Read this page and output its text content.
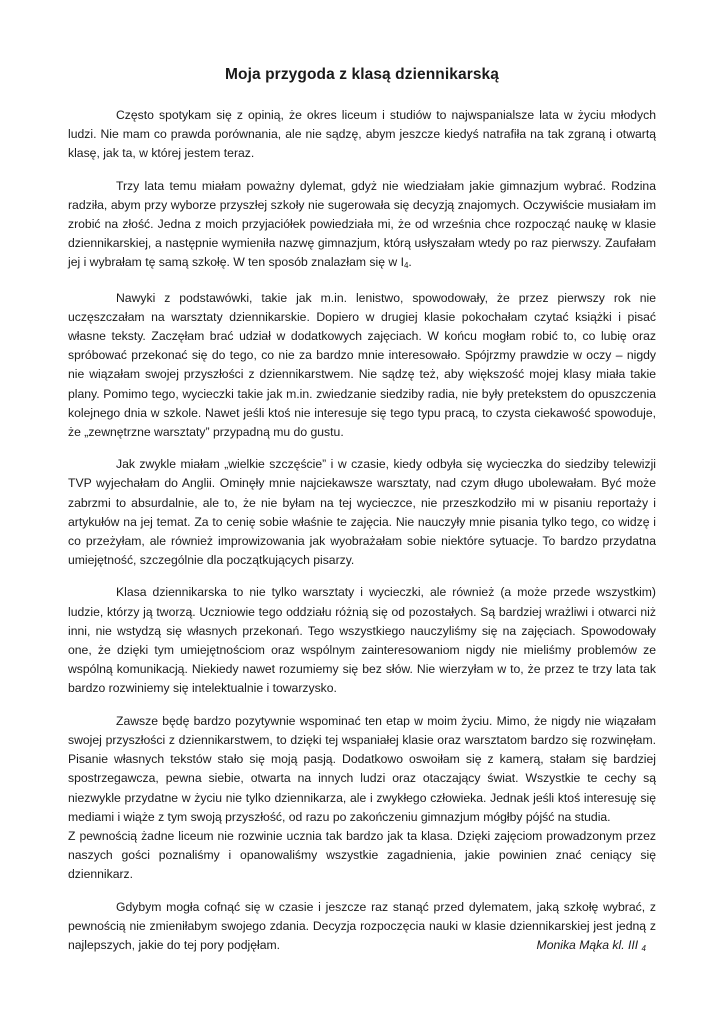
Moja przygoda z klasą dziennikarską

Często spotykam się z opinią, że okres liceum i studiów to najwspanialsze lata w życiu młodych ludzi. Nie mam co prawda porównania, ale nie sądzę, abym jeszcze kiedyś natrafiła na tak zgraną i otwartą klasę, jak ta, w której jestem teraz.

Trzy lata temu miałam poważny dylemat, gdyż nie wiedziałam jakie gimnazjum wybrać. Rodzina radziła, abym przy wyborze przyszłej szkoły nie sugerowała się decyzją znajomych. Oczywiście musiałam im zrobić na złość. Jedna z moich przyjaciółek powiedziała mi, że od września chce rozpocząć naukę w klasie dziennikarskiej, a następnie wymieniła nazwę gimnazjum, którą usłyszałam wtedy po raz pierwszy. Zaufałam jej i wybrałam tę samą szkołę. W ten sposób znalazłam się w $I_4$.

Nawyki z podstawówki, takie jak m.in. lenistwo, spowodowały, że przez pierwszy rok nie uczęszczałam na warsztaty dziennikarskie. Dopiero w drugiej klasie pokochałam czytać książki i pisać własne teksty. Zaczęłam brać udział w dodatkowych zajęciach. W końcu mogłam robić to, co lubię oraz spróbować przekonać się do tego, co nie za bardzo mnie interesowało. Spójrzmy prawdzie w oczy – nigdy nie wiązałam swojej przyszłości z dziennikarstwem. Nie sądzę też, aby większość mojej klasy miała takie plany. Pomimo tego, wycieczki takie jak m.in. zwiedzanie siedziby radia, nie były pretekstem do opuszczenia kolejnego dnia w szkole. Nawet jeśli ktoś nie interesuje się tego typu pracą, to czysta ciekawość spowoduje, że „zewnętrzne warsztaty” przypadną mu do gustu.

Jak zwykle miałam „wielkie szczęście” i w czasie, kiedy odbyła się wycieczka do siedziby telewizji TVP wyjechałam do Anglii. Ominęły mnie najciekawsze warsztaty, nad czym długo ubolewałam. Być może zabrzmi to absurdalnie, ale to, że nie byłam na tej wycieczce, nie przeszkodziło mi w pisaniu reportaży i artykułów na jej temat. Za to cenię sobie właśnie te zajęcia. Nie nauczyły mnie pisania tylko tego, co widzę i co przeżyłam, ale również improwizowania jak wyobrażałam sobie niektóre sytuacje. To bardzo przydatna umiejętność, szczególnie dla początkujących pisarzy.

Klasa dziennikarska to nie tylko warsztaty i wycieczki, ale również (a może przede wszystkim) ludzie, którzy ją tworzą. Uczniowie tego oddziału różnią się od pozostałych. Są bardziej wrażliwi i otwarci niż inni, nie wstydzą się własnych przekonań. Tego wszystkiego nauczyliśmy się na zajęciach. Spowodowały one, że dzięki tym umiejętnościom oraz wspólnym zainteresowaniom nigdy nie mieliśmy problemów ze wspólną komunikacją. Niekiedy nawet rozumiemy się bez słów. Nie wierzyłam w to, że przez te trzy lata tak bardzo rozwiniemy się intelektualnie i towarzysko.

Zawsze będę bardzo pozytywnie wspominać ten etap w moim życiu. Mimo, że nigdy nie wiązałam swojej przyszłości z dziennikarstwem, to dzięki tej wspaniałej klasie oraz warsztatom bardzo się rozwinęłam. Pisanie własnych tekstów stało się moją pasją. Dodatkowo oswoiłam się z kamerą, stałam się bardziej spostrzegawcza, pewna siebie, otwarta na innych ludzi oraz otaczający świat. Wszystkie te cechy są niezwykle przydatne w życiu nie tylko dziennikarza, ale i zwykłego człowieka. Jednak jeśli ktoś interesuję się mediami i wiąże z tym swoją przyszłość, od razu po zakończeniu gimnazjum mógłby pójść na studia.

Z pewnością żadne liceum nie rozwinie ucznia tak bardzo jak ta klasa. Dzięki zajęciom prowadzonym przez naszych gości poznaliśmy i opanowaliśmy wszystkie zagadnienia, jakie powinien znać ceniący się dziennikarz.

Gdybym mogła cofnąć się w czasie i jeszcze raz stanąć przed dylematem, jaką szkołę wybrać, z pewnością nie zmieniłabym swojego zdania. Decyzja rozpoczęcia nauki w klasie dziennikarskiej jest jedną z najlepszych, jakie do tej pory podjęłam.	Monika Mąka kl. III $_4$
